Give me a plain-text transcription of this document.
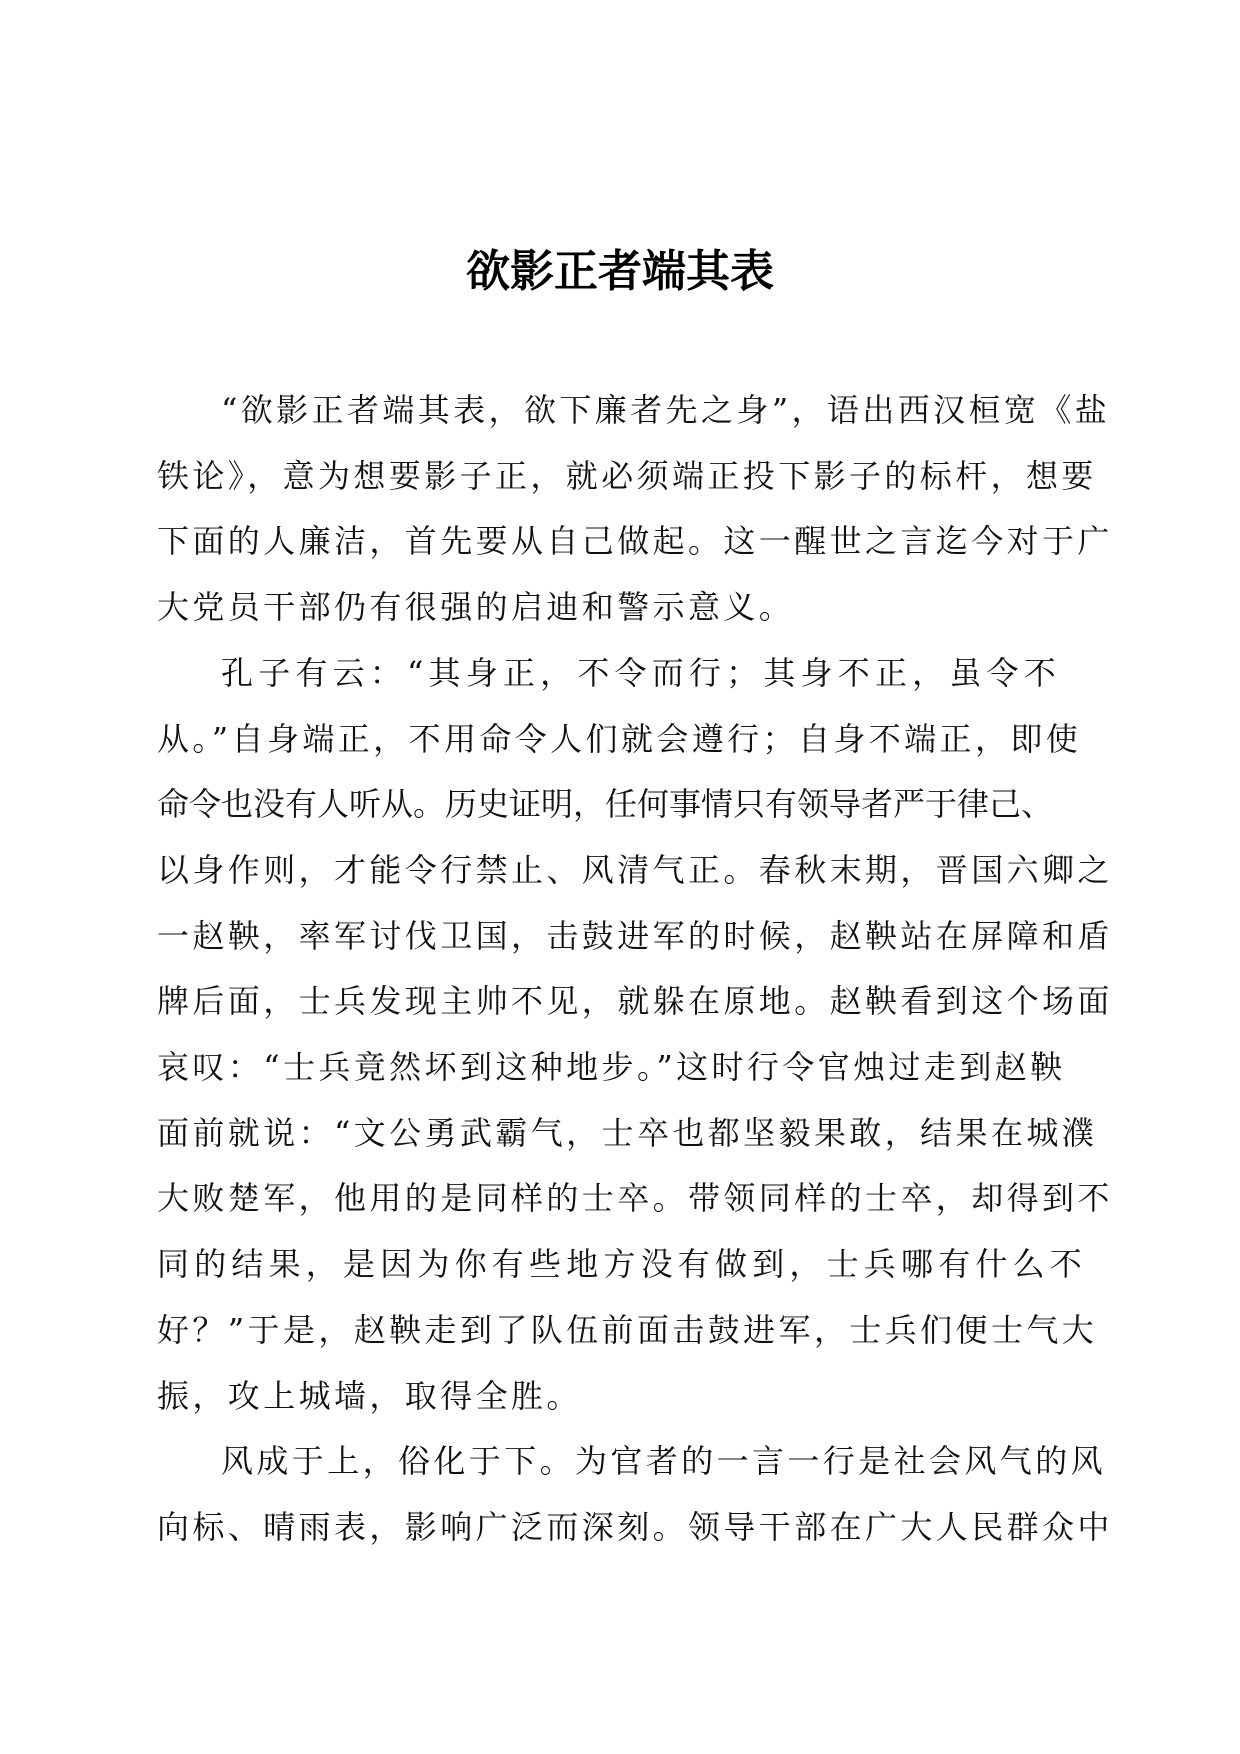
欲影正者端其表

“欲影正者端其表，欲下廉者先之身”，语出西汉桓宽《盐
铁论》，意为想要影子正，就必须端正投下影子的标杆，想要
下面的人廉洁，首先要从自己做起。这一醒世之言迄今对于广
大党员干部仍有很强的启迪和警示意义。

孔子有云：“其身正，不令而行；其身不正，虽令不
从。”自身端正，不用命令人们就会遵行；自身不端正，即使
命令也没有人听从。历史证明，任何事情只有领导者严于律己、
以身作则，才能令行禁止、风清气正。春秋末期，晋国六卿之
一赵鞅，率军讨伐卫国，击鼓进军的时候，赵鞅站在屏障和盾
牌后面，士兵发现主帅不见，就躲在原地。赵鞅看到这个场面
哀叹：“士兵竟然坏到这种地步。”这时行令官烛过走到赵鞅
面前就说：“文公勇武霸气，士卒也都坚毅果敢，结果在城濮
大败楚军，他用的是同样的士卒。带领同样的士卒，却得到不
同的结果，是因为你有些地方没有做到，士兵哪有什么不
好？”于是，赵鞅走到了队伍前面击鼓进军，士兵们便士气大
振，攻上城墙，取得全胜。

风成于上，俗化于下。为官者的一言一行是社会风气的风
向标、晴雨表，影响广泛而深刻。领导干部在广大人民群众中
